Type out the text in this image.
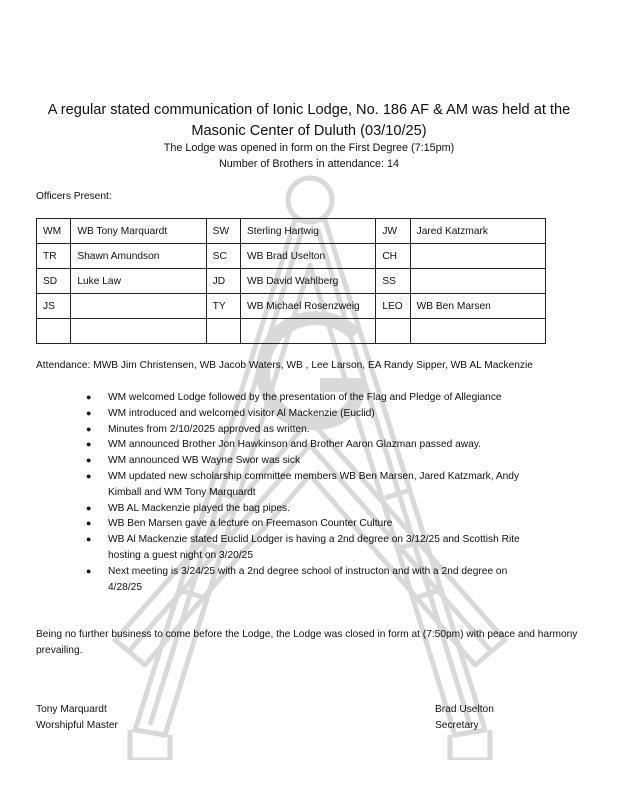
A regular stated communication of Ionic Lodge, No. 186 AF & AM was held at the
Masonic Center of Duluth (03/10/25)
The Lodge was opened in form on the First Degree (7:15pm)
Number of Brothers in attendance: 14
Officers Present:
WM	WB Tony Marquardt	SW	Sterling Hartwig	JW	Jared Katzmark
TR	Shawn Amundson	SC	WB Brad Uselton	CH	
SD	Luke Law	JD	WB David Wahlberg	SS	
JS		TY	WB Michael Rosenzweig	LEO	WB Ben Marsen

Attendance: MWB Jim Christensen, WB Jacob Waters, WB , Lee Larson, EA Randy Sipper, WB AL Mackenzie
● WM welcomed Lodge followed by the presentation of the Flag and Pledge of Allegiance
● WM introduced and welcomed visitor Al Mackenzie (Euclid)
● Minutes from 2/10/2025 approved as written.
● WM announced Brother Jon Hawkinson and Brother Aaron Glazman passed away.
● WM announced WB Wayne Swor was sick
● WM updated new scholarship committee members WB Ben Marsen, Jared Katzmark, Andy Kimball and WM Tony Marquardt
● WB AL Mackenzie played the bag pipes.
● WB Ben Marsen gave a lecture on Freemason Counter Culture
● WB Al Mackenzie stated Euclid Lodger is having a 2nd degree on 3/12/25 and Scottish Rite hosting a guest night on 3/20/25
● Next meeting is 3/24/25 with a 2nd degree school of instructon and with a 2nd degree on 4/28/25
Being no further business to come before the Lodge, the Lodge was closed in form at (7:50pm) with peace and harmony prevailing.
Tony Marquardt
Worshipful Master
Brad Uselton
Secretary
